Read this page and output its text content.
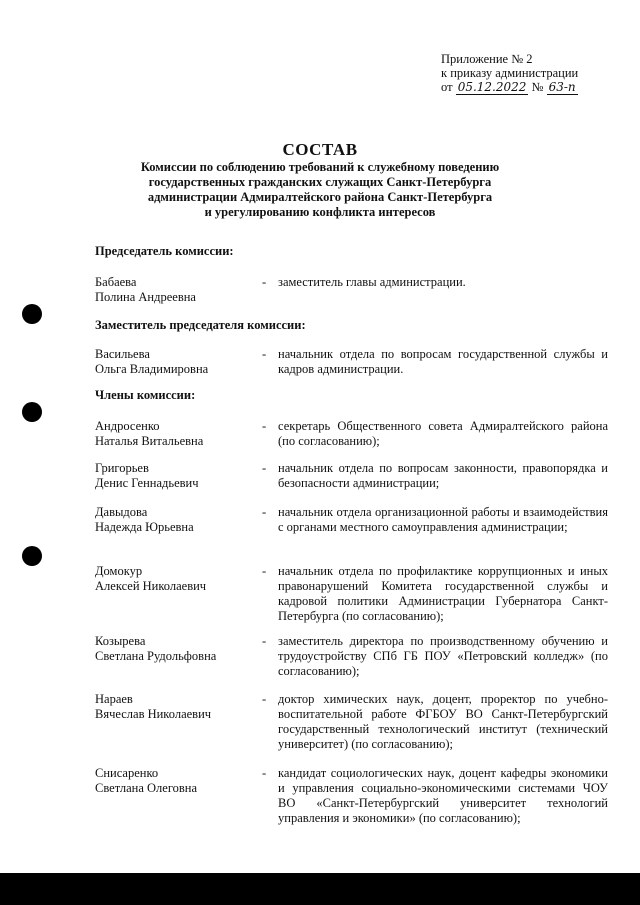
Приложение № 2
к приказу администрации
от 05.12.2022 № 63-п
СОСТАВ
Комиссии по соблюдению требований к служебному поведению
государственных гражданских служащих Санкт-Петербурга
администрации Адмиралтейского района Санкт-Петербурга
и урегулированию конфликта интересов
Председатель комиссии:
Бабаева
Полина Андреевна
- заместитель главы администрации.
Заместитель председателя комиссии:
Васильева
Ольга Владимировна
- начальник отдела по вопросам государственной службы и кадров администрации.
Члены комиссии:
Андросенко
Наталья Витальевна
- секретарь Общественного совета Адмиралтейского района (по согласованию);
Григорьев
Денис Геннадьевич
- начальник отдела по вопросам законности, правопорядка и безопасности администрации;
Давыдова
Надежда Юрьевна
- начальник отдела организационной работы и взаимодействия с органами местного самоуправления администрации;
Домокур
Алексей Николаевич
- начальник отдела по профилактике коррупционных и иных правонарушений Комитета государственной службы и кадровой политики Администрации Губернатора Санкт-Петербурга (по согласованию);
Козырева
Светлана Рудольфовна
- заместитель директора по производственному обучению и трудоустройству СПб ГБ ПОУ «Петровский колледж» (по согласованию);
Нараев
Вячеслав Николаевич
- доктор химических наук, доцент, проректор по учебно-воспитательной работе ФГБОУ ВО Санкт-Петербургский государственный технологический институт (технический университет) (по согласованию);
Снисаренко
Светлана Олеговна
- кандидат социологических наук, доцент кафедры экономики и управления социально-экономическими системами ЧОУ ВО «Санкт-Петербургский университет технологий управления и экономики» (по согласованию);
